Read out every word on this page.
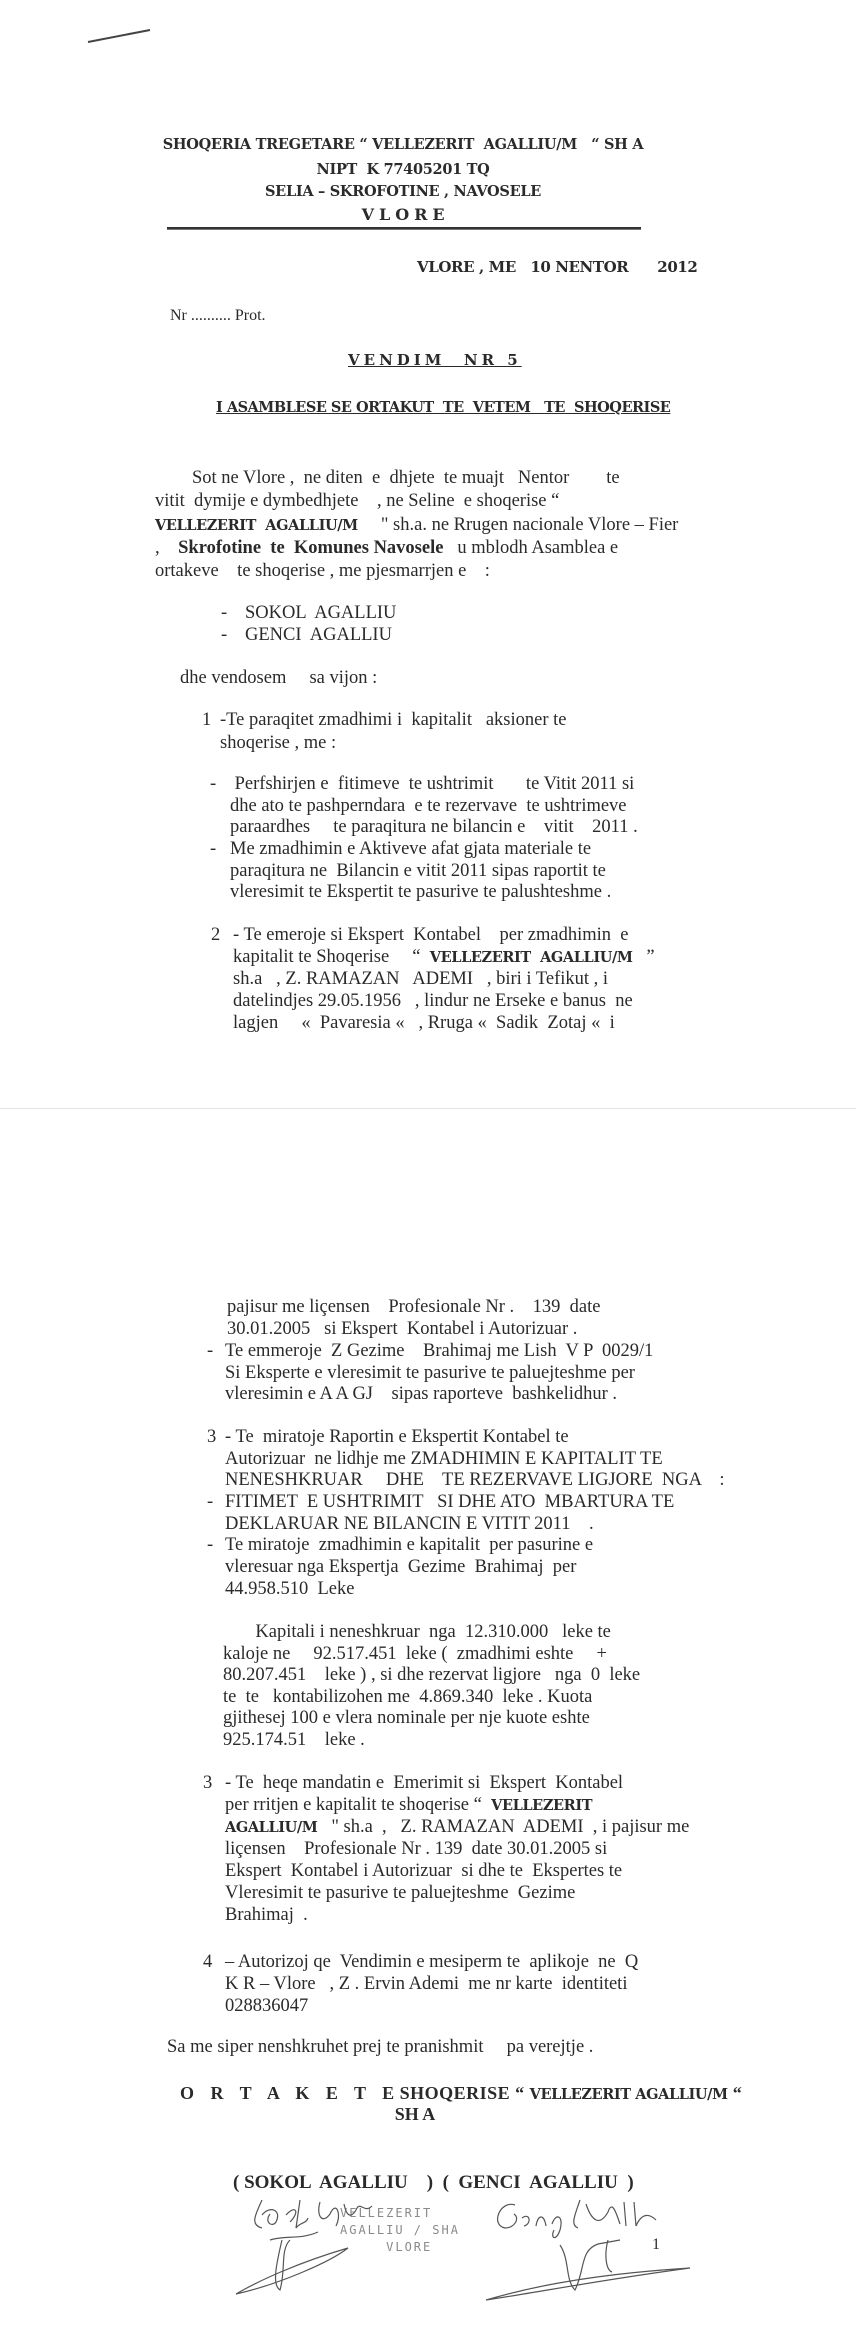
SHOQERIA TREGETARE “ VELLEZERIT  AGALLIU/M   “ SH A
NIPT  K 77405201 TQ
SELIA – SKROFOTINE , NAVOSELE
V L O R E
VLORE , ME   10 NENTOR      2012
Nr .......... Prot.
VENDIM  NR 5
I ASAMBLESE SE ORTAKUT  TE  VETEM   TE  SHOQERISE
Sot ne Vlore ,  ne diten  e  dhjete  te muajt   Nentor        te
vitit  dymije e dymbedhjete    , ne Seline  e shoqerise “
VELLEZERIT  AGALLIU/M     " sh.a. ne Rrugen nacionale Vlore – Fier
,    Skrofotine  te  Komunes Navosele   u mblodh Asamblea e
ortakeve    te shoqerise , me pjesmarrjen e    :
- SOKOL  AGALLIU
- GENCI  AGALLIU
dhe vendosem     sa vijon :
1 -Te paraqitet zmadhimi i  kapitalit   aksioner te
shoqerise , me :
- Perfshirjen e  fitimeve  te ushtrimit       te Vitit 2011 si
dhe ato te pashperndara  e te rezervave  te ushtrimeve
paraardhes     te paraqitura ne bilancin e    vitit    2011 .
- Me zmadhimin e Aktiveve afat gjata materiale te
paraqitura ne  Bilancin e vitit 2011 sipas raportit te
vleresimit te Ekspertit te pasurive te palushteshme .
2 - Te emeroje si Ekspert  Kontabel    per zmadhimin  e
kapitalit te Shoqerise     “  VELLEZERIT  AGALLIU/M   ”
sh.a   , Z. RAMAZAN   ADEMI   , biri i Tefikut , i
datelindjes 29.05.1956   , lindur ne Erseke e banus  ne
lagjen     «  Pavaresia «   , Rruga «  Sadik  Zotaj «  i
pajisur me liçensen    Profesionale Nr .    139  date
30.01.2005   si Ekspert  Kontabel i Autorizuar .
- Te emmeroje  Z Gezime    Brahimaj me Lish  V P  0029/1
Si Eksperte e vleresimit te pasurive te paluejteshme per
vleresimin e A A GJ    sipas raporteve  bashkelidhur .
3 - Te  miratoje Raportin e Ekspertit Kontabel te
Autorizuar  ne lidhje me ZMADHIMIN E KAPITALIT TE
NENESHKRUAR     DHE    TE REZERVAVE LIGJORE  NGA    :
- FITIMET  E USHTRIMIT   SI DHE ATO  MBARTURA TE
DEKLARUAR NE BILANCIN E VITIT 2011    .
- Te miratoje  zmadhimin e kapitalit  per pasurine e
vleresuar nga Ekspertja  Gezime  Brahimaj  per
44.958.510  Leke
Kapitali i neneshkruar  nga  12.310.000   leke te
kaloje ne     92.517.451  leke (  zmadhimi eshte     +
80.207.451    leke ) , si dhe rezervat ligjore   nga  0  leke
te  te   kontabilizohen me  4.869.340  leke . Kuota
gjithesej 100 e vlera nominale per nje kuote eshte
925.174.51    leke .
3 - Te  heqe mandatin e  Emerimit si  Ekspert  Kontabel
per rritjen e kapitalit te shoqerise “  VELLEZERIT
AGALLIU/M   " sh.a  ,   Z. RAMAZAN  ADEMI  , i pajisur me
liçensen    Profesionale Nr . 139  date 30.01.2005 si
Ekspert  Kontabel i Autorizuar  si dhe te  Ekspertes te
Vleresimit te pasurive te paluejteshme  Gezime
Brahimaj  .
4 – Autorizoj qe  Vendimin e mesiperm te  aplikoje  ne  Q
K R – Vlore   , Z . Ervin Ademi  me nr karte  identiteti
028836047
Sa me siper nenshkruhet prej te pranishmit     pa verejtje .
O R T A K E T  E SHOQERISE “ VELLEZERIT AGALLIU/M “
SH A
( SOKOL  AGALLIU    )  (  GENCI  AGALLIU  )
VELLEZERIT
AGALLIU / SHA
VLORE	1
